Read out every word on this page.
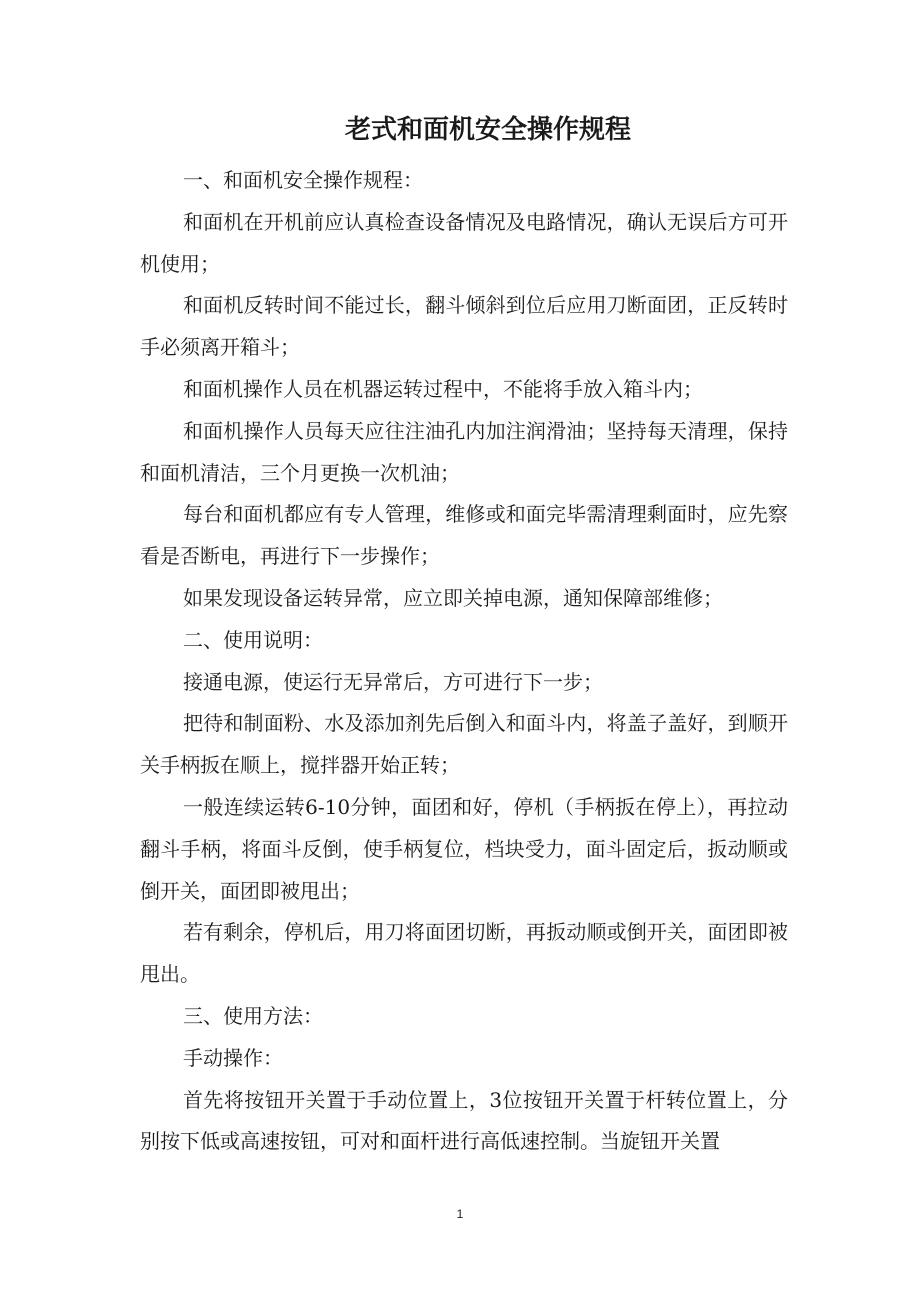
老式和面机安全操作规程

一、和面机安全操作规程：

和面机在开机前应认真检查设备情况及电路情况，确认无误后方可开机使用；

和面机反转时间不能过长，翻斗倾斜到位后应用刀断面团，正反转时手必须离开箱斗；

和面机操作人员在机器运转过程中，不能将手放入箱斗内；

和面机操作人员每天应往注油孔内加注润滑油；坚持每天清理，保持和面机清洁，三个月更换一次机油；

每台和面机都应有专人管理，维修或和面完毕需清理剩面时，应先察看是否断电，再进行下一步操作；

如果发现设备运转异常，应立即关掉电源，通知保障部维修；

二、使用说明：

接通电源，使运行无异常后，方可进行下一步；

把待和制面粉、水及添加剂先后倒入和面斗内，将盖子盖好，到顺开关手柄扳在顺上，搅拌器开始正转；

一般连续运转6-10分钟，面团和好，停机（手柄扳在停上），再拉动翻斗手柄，将面斗反倒，使手柄复位，档块受力，面斗固定后，扳动顺或倒开关，面团即被甩出；

若有剩余，停机后，用刀将面团切断，再扳动顺或倒开关，面团即被甩出。

三、使用方法：

手动操作：

首先将按钮开关置于手动位置上，3位按钮开关置于杆转位置上，分别按下低或高速按钮，可对和面杆进行高低速控制。当旋钮开关置

1
